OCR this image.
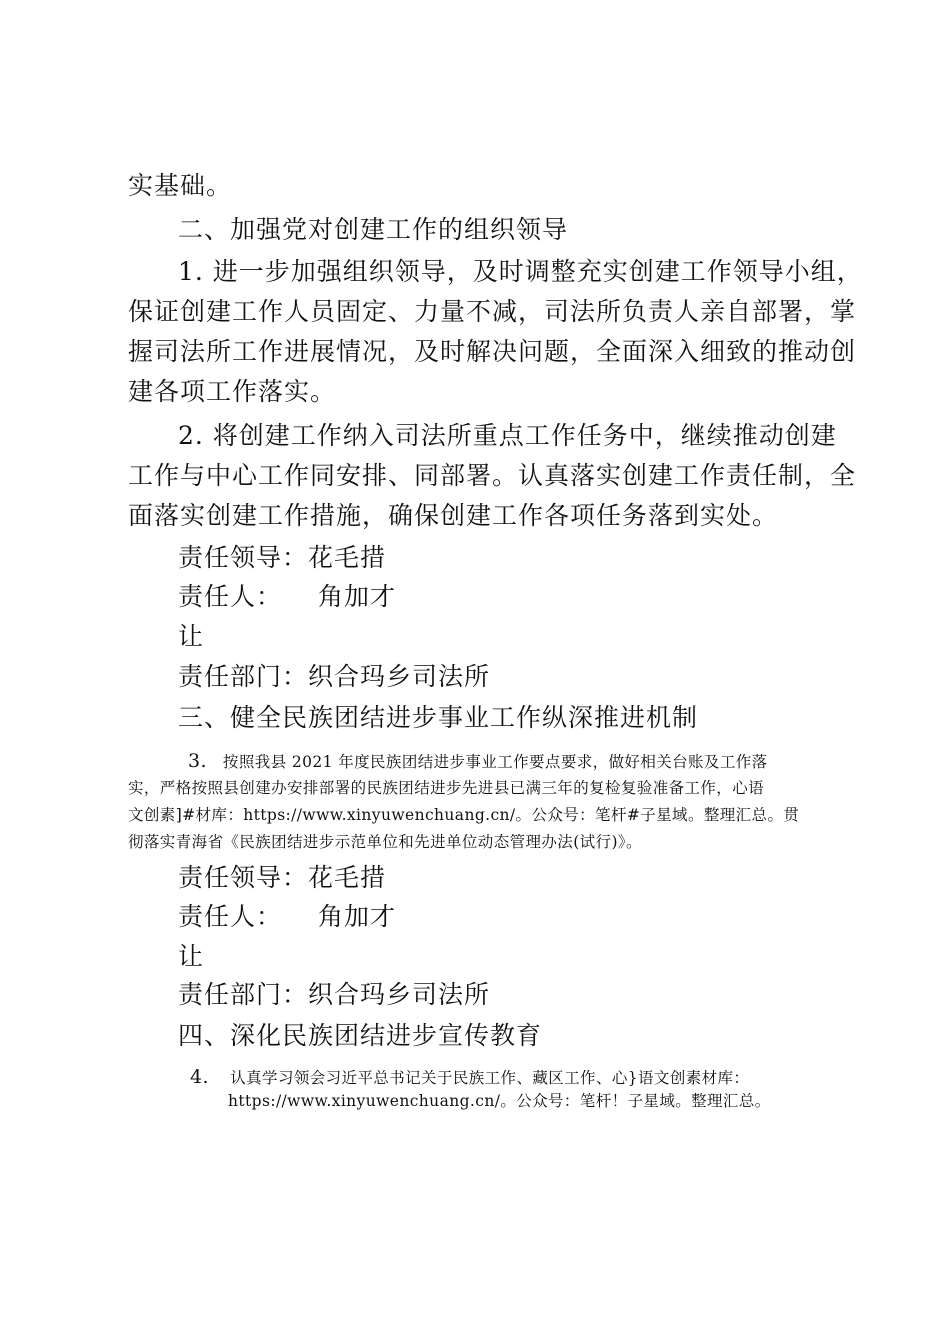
实基础。
二、加强党对创建工作的组织领导
1. 进一步加强组织领导，及时调整充实创建工作领导小组，
保证创建工作人员固定、力量不减，司法所负责人亲自部署，掌
握司法所工作进展情况，及时解决问题，全面深入细致的推动创
建各项工作落实。
2. 将创建工作纳入司法所重点工作任务中，继续推动创建
工作与中心工作同安排、同部署。认真落实创建工作责任制，全
面落实创建工作措施，确保创建工作各项任务落到实处。
责任领导：花毛措
责任人： 角加才
让
责任部门：织合玛乡司法所
三、健全民族团结进步事业工作纵深推进机制
3. 按照我县 2021 年度民族团结进步事业工作要点要求，做好相关台账及工作落
实，严格按照县创建办安排部署的民族团结进步先进县已满三年的复检复验准备工作，心语
文创素]#材库：https://www.xinyuwenchuang.cn/。公众号：笔杆#子星域。整理汇总。贯
彻落实青海省《民族团结进步示范单位和先进单位动态管理办法(试行)》。
责任领导：花毛措
责任人： 角加才
让
责任部门：织合玛乡司法所
四、深化民族团结进步宣传教育
4. 认真学习领会习近平总书记关于民族工作、藏区工作、心}语文创素材库：
https://www.xinyuwenchuang.cn/。公众号：笔杆！子星域。整理汇总。
